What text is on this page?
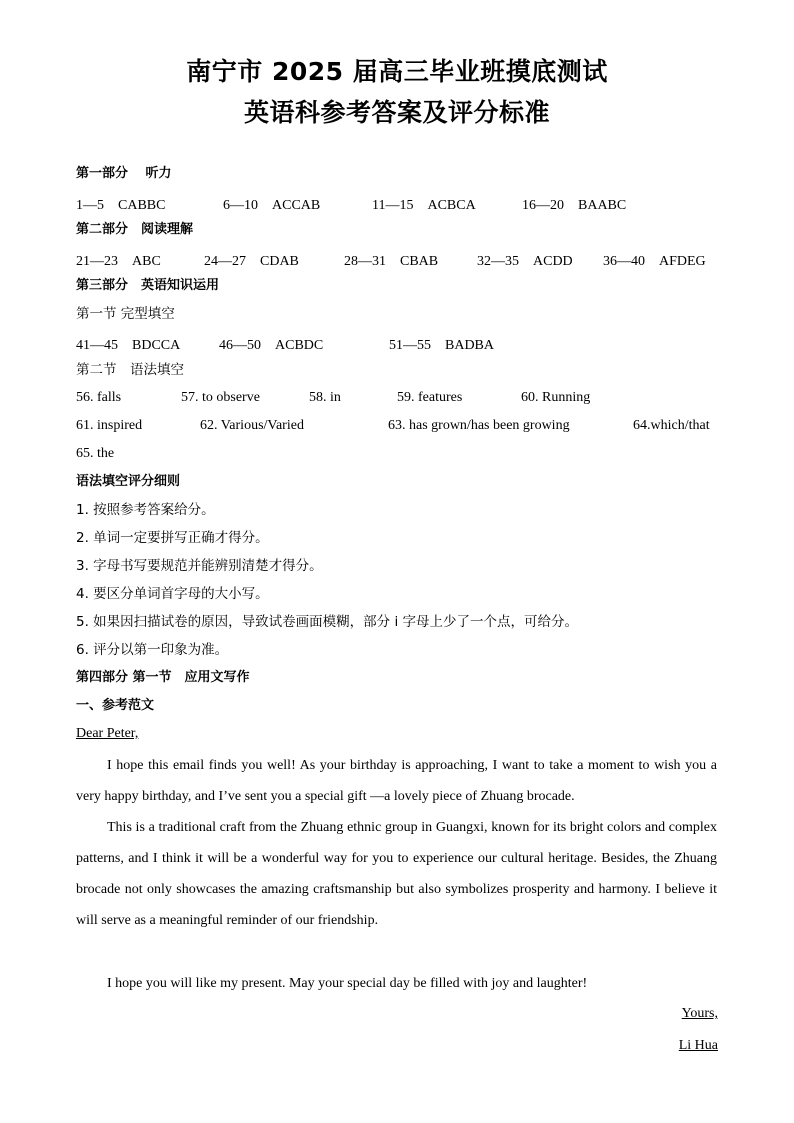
南宁市 2025 届高三毕业班摸底测试
英语科参考答案及评分标准
第一部分　 听力
1—5　CABBC	6—10　ACCAB	11—15　ACBCA	16—20　BAABC
第二部分　阅读理解
21—23　ABC	24—27　CDAB	28—31　CBAB	32—35　ACDD 36—40　AFDEG
第三部分　英语知识运用
第一节 完型填空
41—45　BDCCA	46—50　ACBDC	51—55　BADBA
第二节　语法填空
56. falls	57. to observe	58. in	59. features	60. Running
61. inspired	62. Various/Varied	63. has grown/has been growing	64.which/that
65. the
语法填空评分细则
1. 按照参考答案给分。
2. 单词一定要拼写正确才得分。
3. 字母书写要规范并能辨别清楚才得分。
4. 要区分单词首字母的大小写。
5. 如果因扫描试卷的原因，导致试卷画面模糊，部分 i 字母上少了一个点，可给分。
6. 评分以第一印象为准。
第四部分 第一节　应用文写作
一、参考范文
Dear Peter,
I hope this email finds you well! As your birthday is approaching, I want to take a moment to wish you a very happy birthday, and I’ve sent you a special gift —a lovely piece of Zhuang brocade.
This is a traditional craft from the Zhuang ethnic group in Guangxi, known for its bright colors and complex patterns, and I think it will be a wonderful way for you to experience our cultural heritage. Besides, the Zhuang brocade not only showcases the amazing craftsmanship but also symbolizes prosperity and harmony. I believe it will serve as a meaningful reminder of our friendship.
I hope you will like my present. May your special day be filled with joy and laughter!
Yours,
Li Hua
